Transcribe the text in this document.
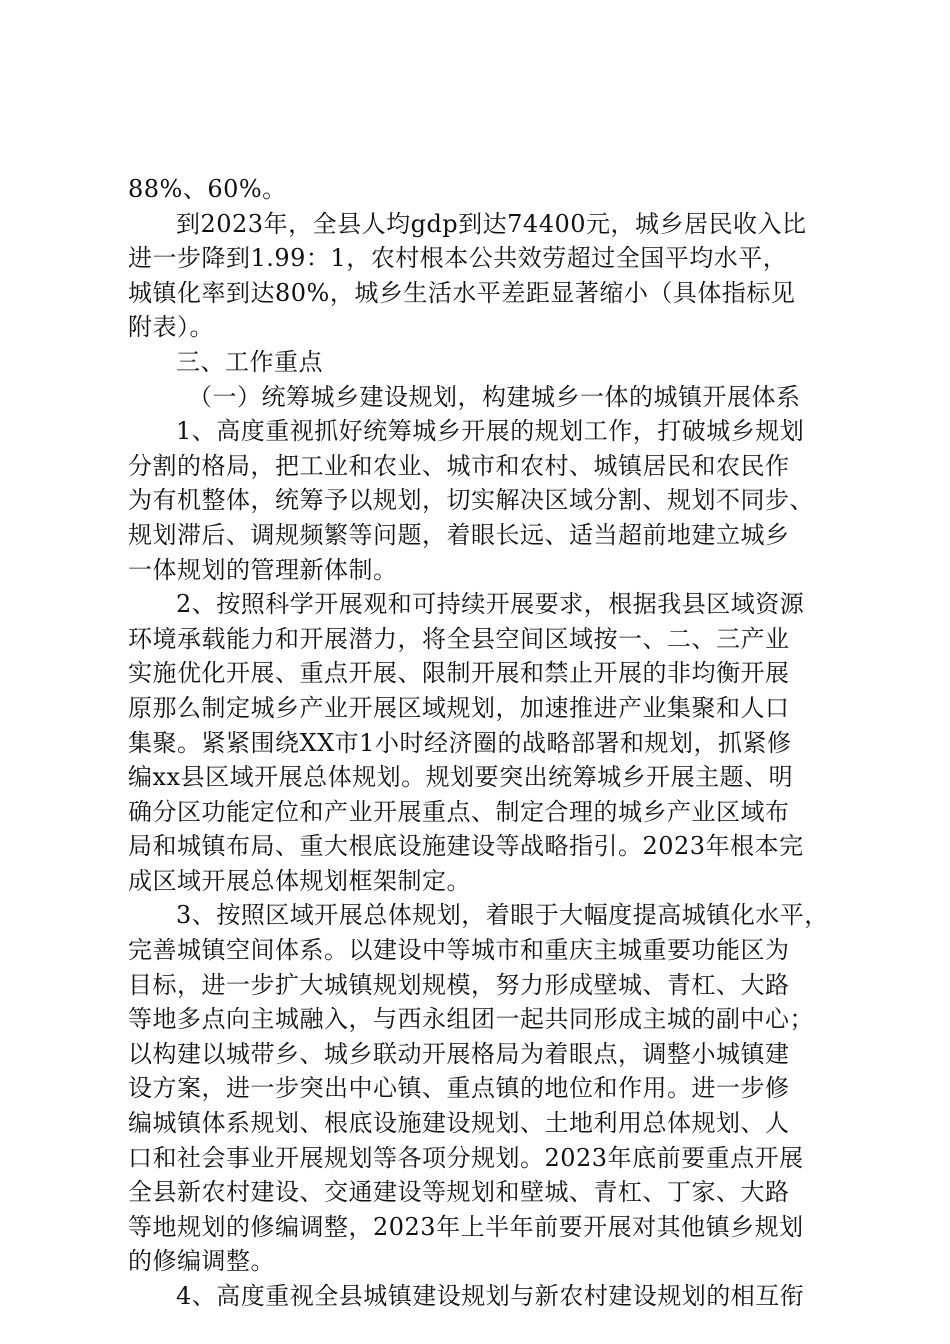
88%、60%。

到2023年，全县人均gdp到达74400元，城乡居民收入比

进一步降到1.99：1，农村根本公共效劳超过全国平均水平，

城镇化率到达80%，城乡生活水平差距显著缩小（具体指标见

附表）。

三、工作重点

（一）统筹城乡建设规划，构建城乡一体的城镇开展体系

1、高度重视抓好统筹城乡开展的规划工作，打破城乡规划

分割的格局，把工业和农业、城市和农村、城镇居民和农民作

为有机整体，统筹予以规划，切实解决区域分割、规划不同步、

规划滞后、调规频繁等问题，着眼长远、适当超前地建立城乡

一体规划的管理新体制。

2、按照科学开展观和可持续开展要求，根据我县区域资源

环境承载能力和开展潜力，将全县空间区域按一、二、三产业

实施优化开展、重点开展、限制开展和禁止开展的非均衡开展

原那么制定城乡产业开展区域规划，加速推进产业集聚和人口

集聚。紧紧围绕XX市1小时经济圈的战略部署和规划，抓紧修

编xx县区域开展总体规划。规划要突出统筹城乡开展主题、明

确分区功能定位和产业开展重点、制定合理的城乡产业区域布

局和城镇布局、重大根底设施建设等战略指引。2023年根本完

成区域开展总体规划框架制定。

3、按照区域开展总体规划，着眼于大幅度提高城镇化水平，

完善城镇空间体系。以建设中等城市和重庆主城重要功能区为

目标，进一步扩大城镇规划规模，努力形成壁城、青杠、大路

等地多点向主城融入，与西永组团一起共同形成主城的副中心；

以构建以城带乡、城乡联动开展格局为着眼点，调整小城镇建

设方案，进一步突出中心镇、重点镇的地位和作用。进一步修

编城镇体系规划、根底设施建设规划、土地利用总体规划、人

口和社会事业开展规划等各项分规划。2023年底前要重点开展

全县新农村建设、交通建设等规划和壁城、青杠、丁家、大路

等地规划的修编调整，2023年上半年前要开展对其他镇乡规划

的修编调整。

4、高度重视全县城镇建设规划与新农村建设规划的相互衔
